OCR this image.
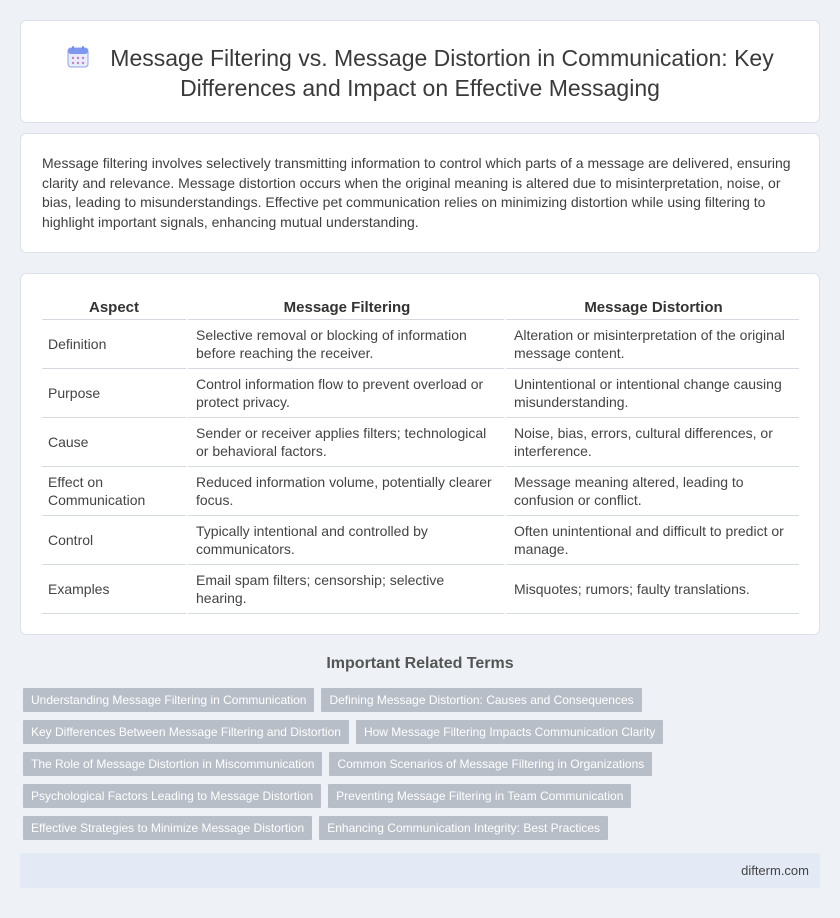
Message Filtering vs. Message Distortion in Communication: Key Differences and Impact on Effective Messaging

Message filtering involves selectively transmitting information to control which parts of a message are delivered, ensuring clarity and relevance. Message distortion occurs when the original meaning is altered due to misinterpretation, noise, or bias, leading to misunderstandings. Effective pet communication relies on minimizing distortion while using filtering to highlight important signals, enhancing mutual understanding.

Aspect	Message Filtering	Message Distortion
Definition	Selective removal or blocking of information before reaching the receiver.	Alteration or misinterpretation of the original message content.
Purpose	Control information flow to prevent overload or protect privacy.	Unintentional or intentional change causing misunderstanding.
Cause	Sender or receiver applies filters; technological or behavioral factors.	Noise, bias, errors, cultural differences, or interference.
Effect on Communication	Reduced information volume, potentially clearer focus.	Message meaning altered, leading to confusion or conflict.
Control	Typically intentional and controlled by communicators.	Often unintentional and difficult to predict or manage.
Examples	Email spam filters; censorship; selective hearing.	Misquotes; rumors; faulty translations.
Important Related Terms
Understanding Message Filtering in Communication	Defining Message Distortion: Causes and Consequences
Key Differences Between Message Filtering and Distortion	How Message Filtering Impacts Communication Clarity
The Role of Message Distortion in Miscommunication	Common Scenarios of Message Filtering in Organizations
Psychological Factors Leading to Message Distortion	Preventing Message Filtering in Team Communication
Effective Strategies to Minimize Message Distortion	Enhancing Communication Integrity: Best Practices
difterm.com
